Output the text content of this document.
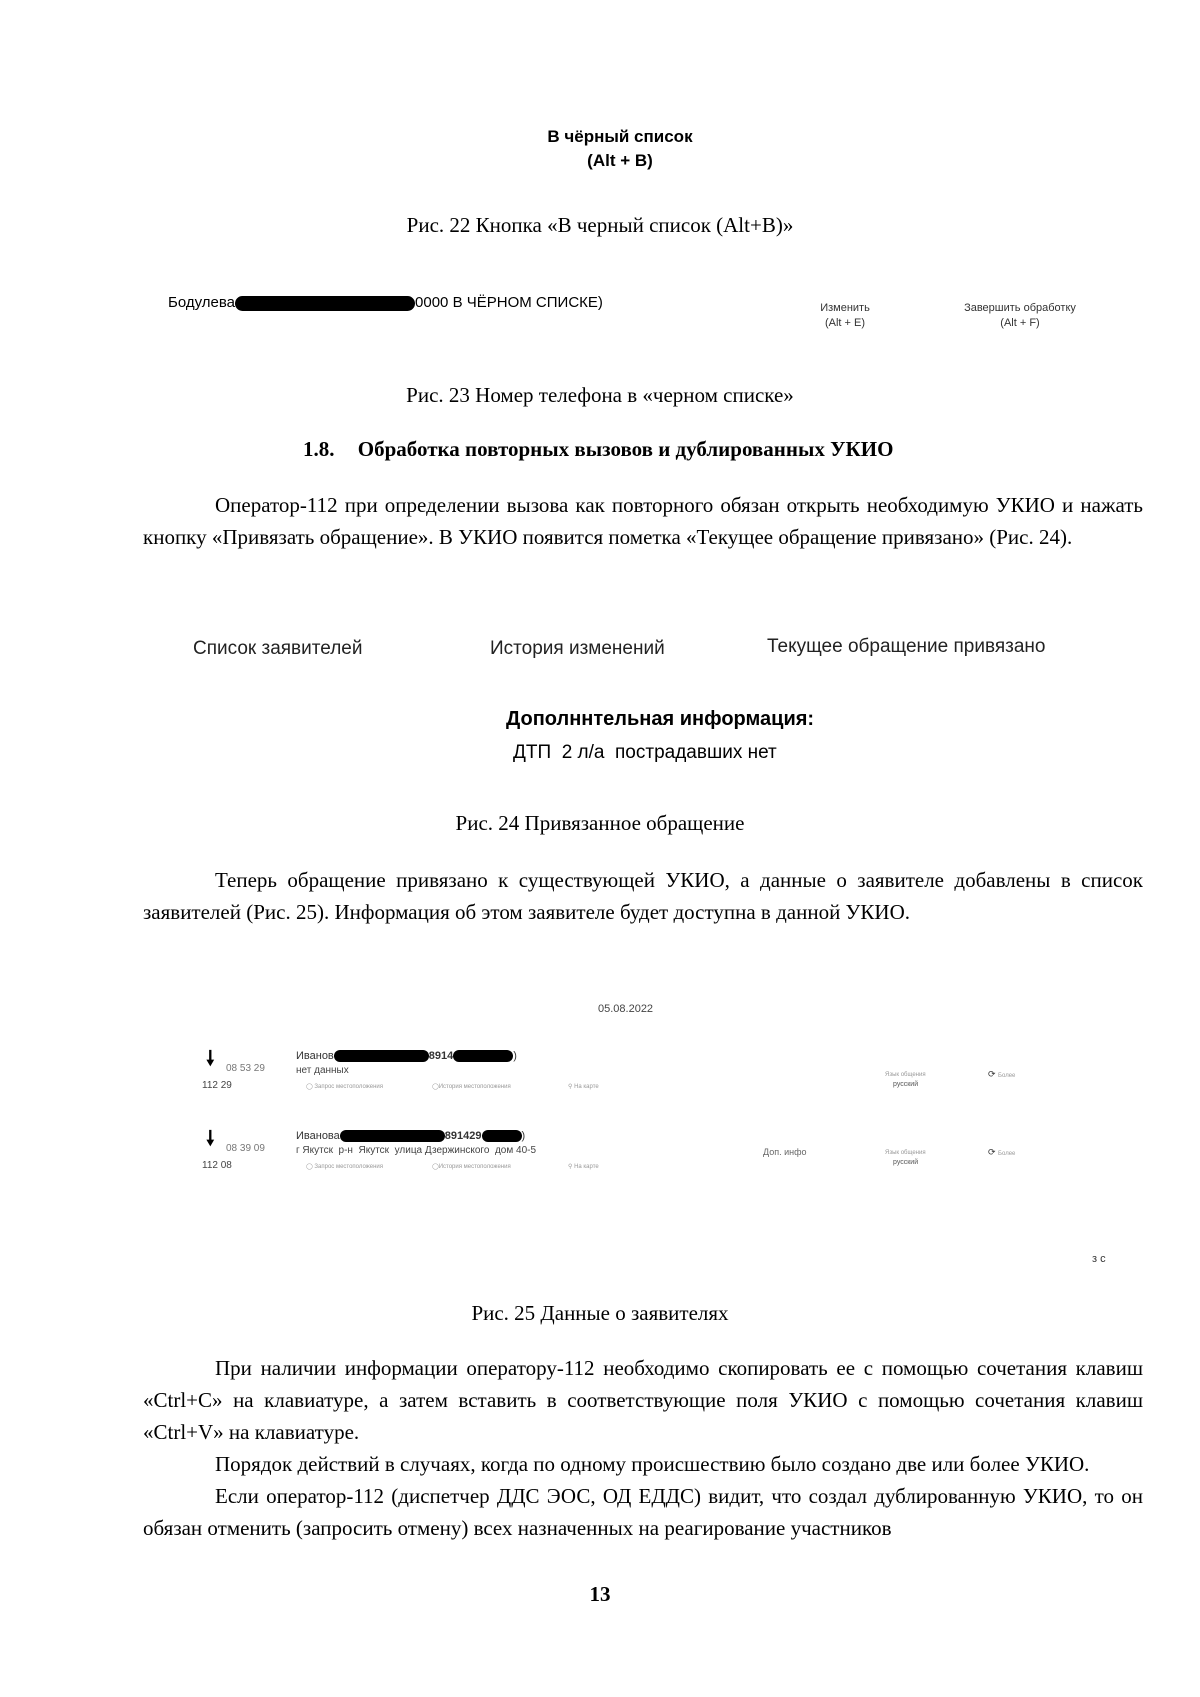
В чёрный список
(Alt + B)
Рис. 22 Кнопка «В черный список (Alt+B)»
Бодулева	0000 В ЧЁРНОМ СПИСКЕ)	Изменить
(Alt + E)
Завершить обработку
(Alt + F)
Рис. 23 Номер телефона в «черном списке»
1.8. Обработка повторных вызовов и дублированных УКИО

Оператор-112 при определении вызова как повторного обязан открыть необходимую УКИО и нажать кнопку «Привязать обращение». В УКИО появится пометка «Текущее обращение привязано» (Рис. 24).

Список заявителей	История изменений	Текущее обращение привязано
Дополннтельная информация:
ДТП  2 л/а  пострадавших нет
Рис. 24 Привязанное обращение

Теперь обращение привязано к существующей УКИО, а данные о заявителе добавлены в список заявителей (Рис. 25). Информация об этом заявителе будет доступна в данной УКИО.

05.08.2022
🠗 08 53 29
112 29
Иванов	8914	)
нет данных
◯ Запрос местоположения	◯История местоположения	⚲ На карте
Язык общения
русский
⟳ Более
🠗 08 39 09
112 08
Иванова	891429	)
г Якутск  р-н  Якутск  улица Дзержинского  дом 40-5
◯ Запрос местоположения	◯История местоположения	⚲ На карте
Доп. инфо	Язык общения
русский
⟳ Более
з с
Рис. 25 Данные о заявителях

При наличии информации оператору-112 необходимо скопировать ее с помощью сочетания клавиш «Ctrl+C» на клавиатуре, а затем вставить в соответствующие поля УКИО с помощью сочетания клавиш «Ctrl+V» на клавиатуре.

Порядок действий в случаях, когда по одному происшествию было создано две или более УКИО.

Если оператор-112 (диспетчер ДДС ЭОС, ОД ЕДДС) видит, что создал дублированную УКИО, то он обязан отменить (запросить отмену) всех назначенных на реагирование участников

13
